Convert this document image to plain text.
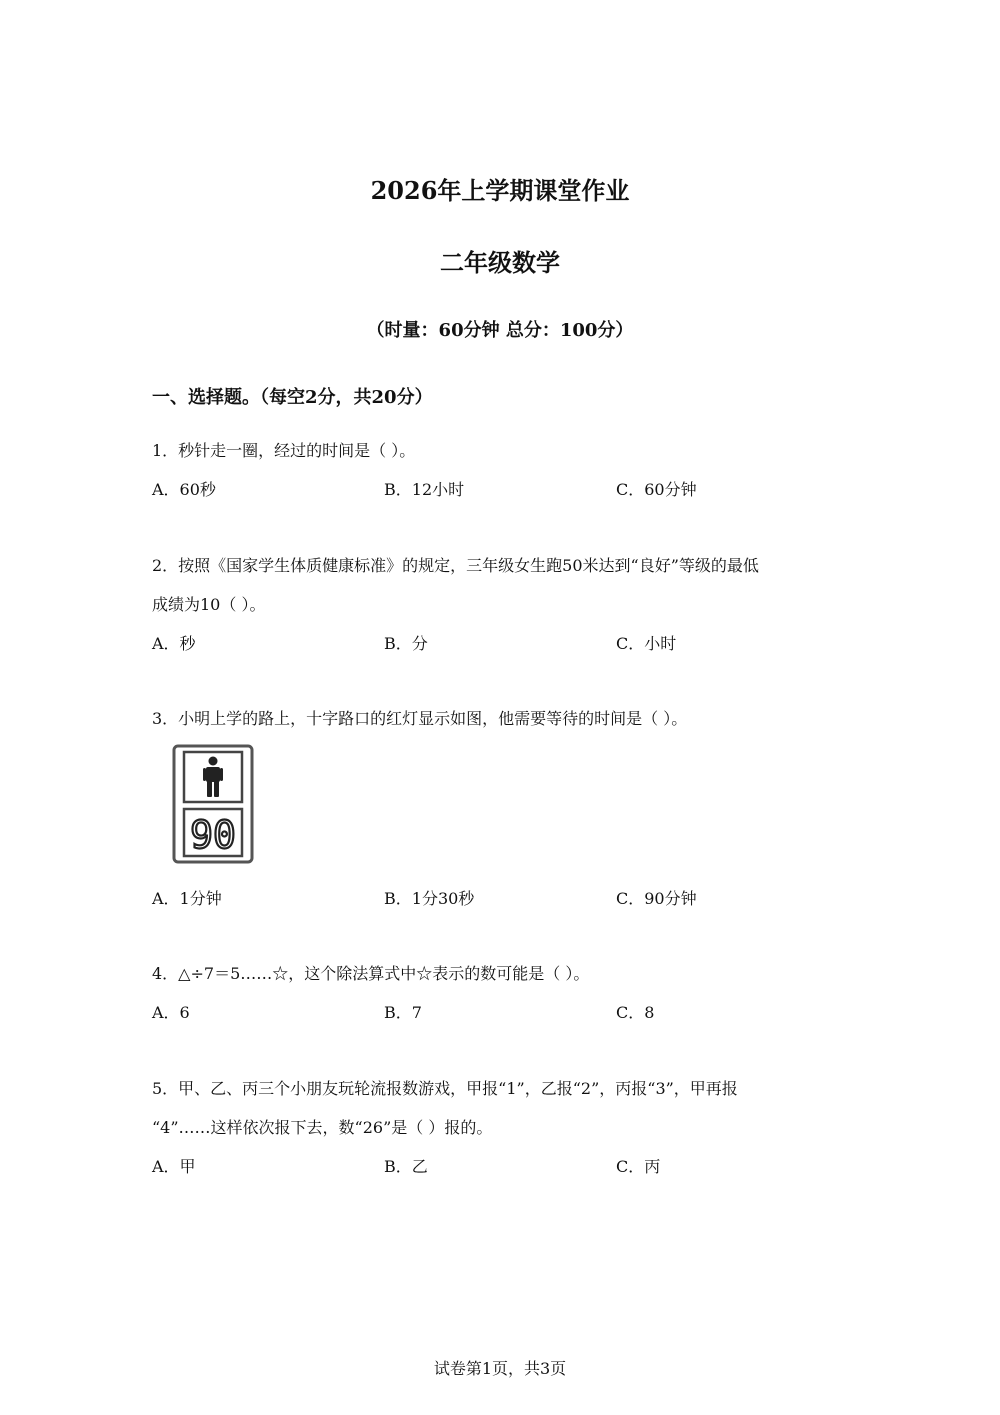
2026年上学期课堂作业
二年级数学
（时量：60分钟 总分：100分）
一、选择题。（每空2分，共20分）
1．秒针走一圈，经过的时间是（ ）。
A．60秒	B．12小时	C．60分钟
2．按照《国家学生体质健康标准》的规定，三年级女生跑50米达到“良好”等级的最低
成绩为10（ ）。
A．秒	B．分	C．小时
3．小明上学的路上，十字路口的红灯显示如图，他需要等待的时间是（ ）。
90
A．1分钟	B．1分30秒	C．90分钟
4．△÷7＝5……☆，这个除法算式中☆表示的数可能是（ ）。
A．6	B．7	C．8
5．甲、乙、丙三个小朋友玩轮流报数游戏，甲报“1”，乙报“2”，丙报“3”，甲再报
“4”……这样依次报下去，数“26”是（ ）报的。
A．甲	B．乙	C．丙
试卷第1页，共3页
